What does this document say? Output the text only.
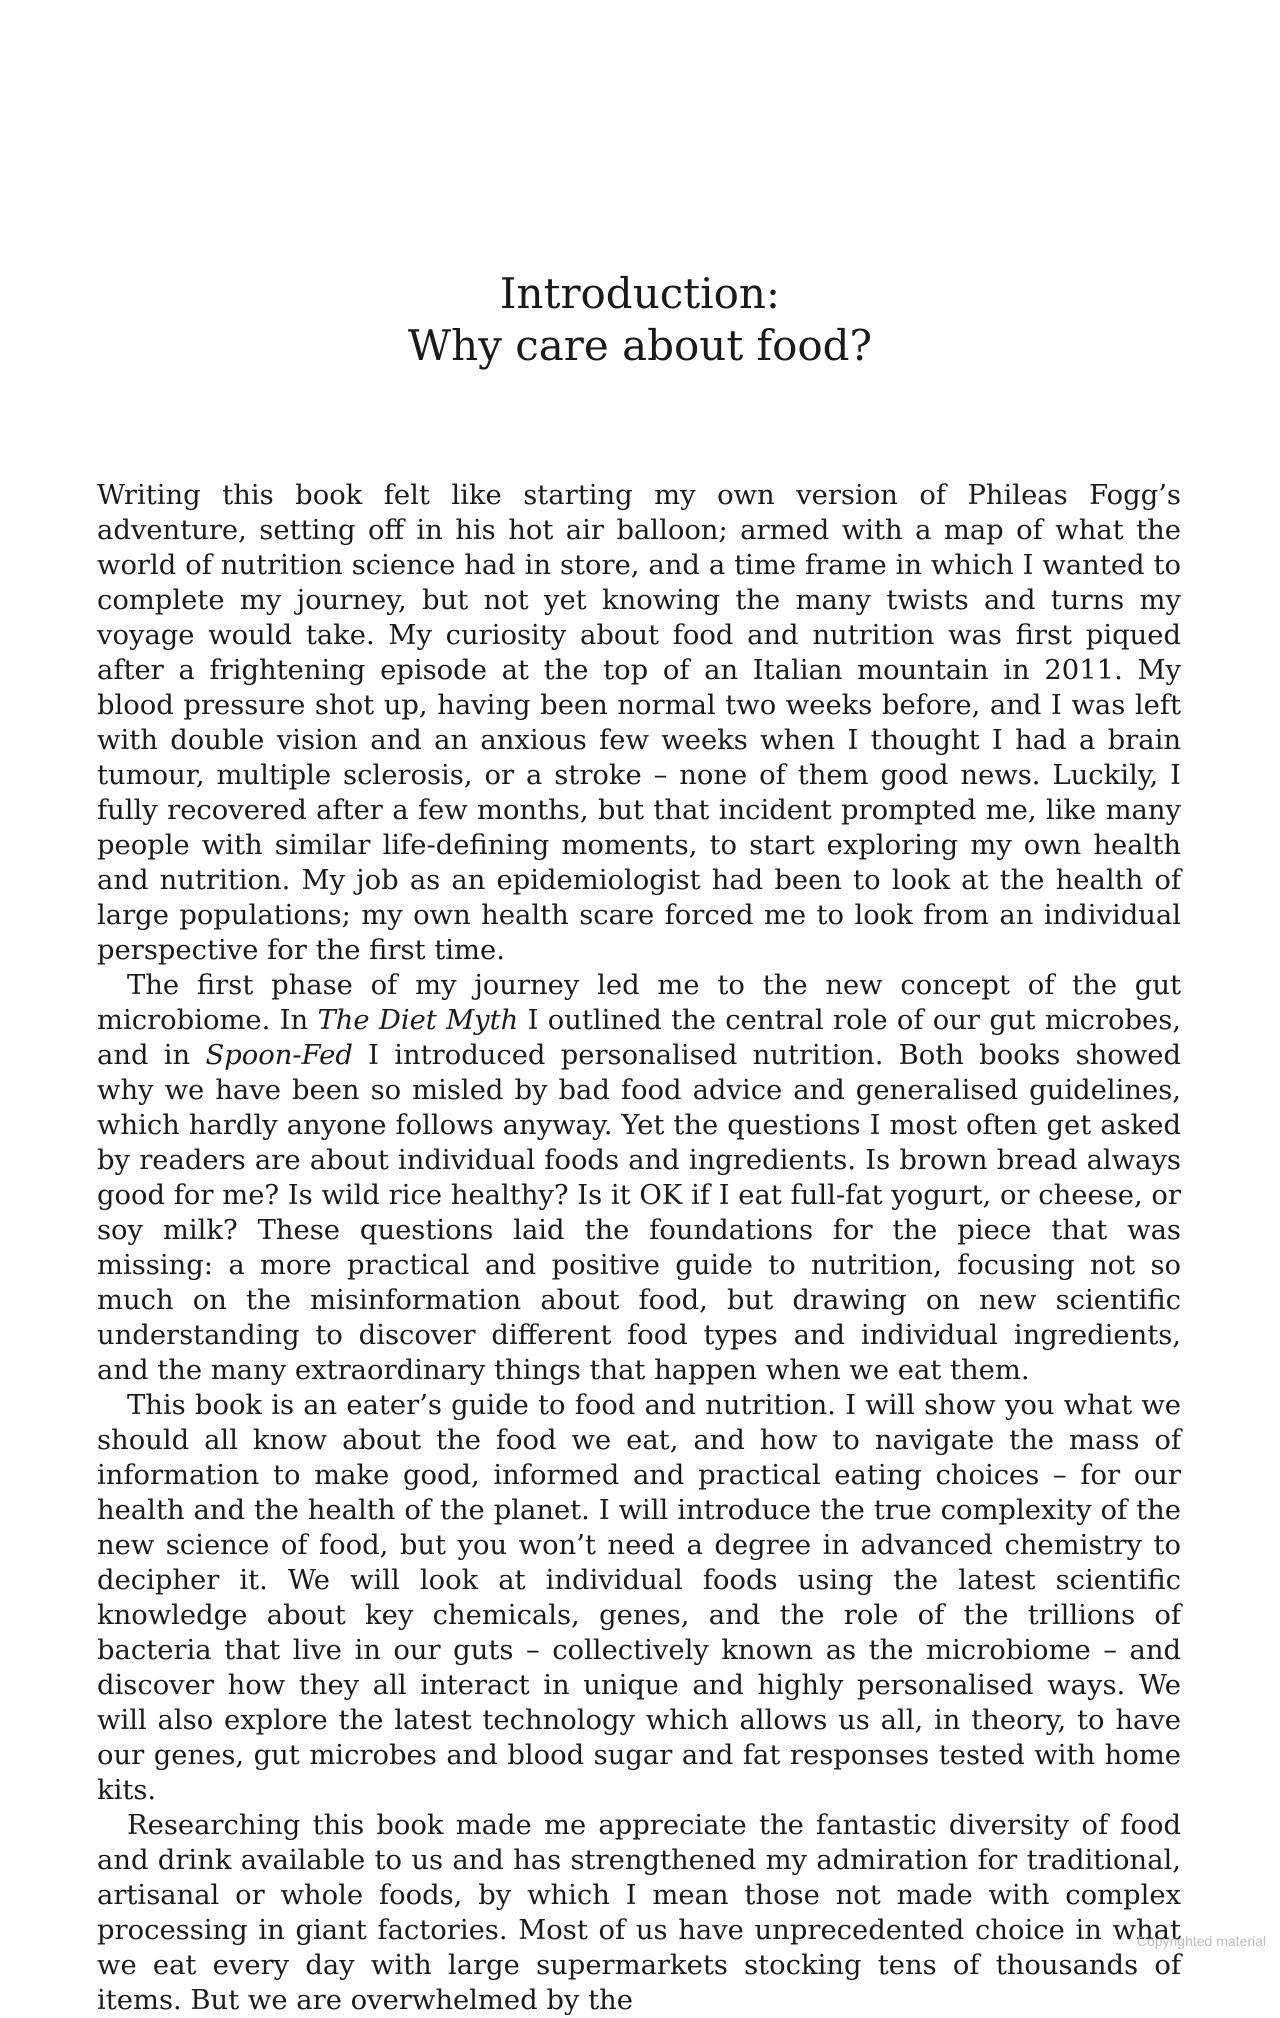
Introduction:
Why care about food?

Writing this book felt like starting my own version of Phileas Fogg’s adventure, setting off in his hot air balloon; armed with a map of what the world of nutrition science had in store, and a time frame in which I wanted to complete my journey, but not yet knowing the many twists and turns my voyage would take. My curiosity about food and nutrition was first piqued after a frightening episode at the top of an Italian mountain in 2011. My blood pressure shot up, having been normal two weeks before, and I was left with double vision and an anxious few weeks when I thought I had a brain tumour, multiple sclerosis, or a stroke – none of them good news. Luckily, I fully recovered after a few months, but that incident prompted me, like many people with similar life-defining moments, to start exploring my own health and nutrition. My job as an epidemiologist had been to look at the health of large populations; my own health scare forced me to look from an individual perspective for the first time.

The first phase of my journey led me to the new concept of the gut microbiome. In The Diet Myth I outlined the central role of our gut microbes, and in Spoon-Fed I introduced personalised nutrition. Both books showed why we have been so misled by bad food advice and generalised guidelines, which hardly anyone follows anyway. Yet the questions I most often get asked by readers are about individual foods and ingredients. Is brown bread always good for me? Is wild rice healthy? Is it OK if I eat full-fat yogurt, or cheese, or soy milk? These questions laid the foundations for the piece that was missing: a more practical and positive guide to nutrition, focusing not so much on the misinformation about food, but drawing on new scientific understanding to discover different food types and individual ingredients, and the many extraordinary things that happen when we eat them.

This book is an eater’s guide to food and nutrition. I will show you what we should all know about the food we eat, and how to navigate the mass of information to make good, informed and practical eating choices – for our health and the health of the planet. I will introduce the true complexity of the new science of food, but you won’t need a degree in advanced chemistry to decipher it. We will look at individual foods using the latest scientific knowledge about key chemicals, genes, and the role of the trillions of bacteria that live in our guts – collectively known as the microbiome – and discover how they all interact in unique and highly personalised ways. We will also explore the latest technology which allows us all, in theory, to have our genes, gut microbes and blood sugar and fat responses tested with home kits.

Researching this book made me appreciate the fantastic diversity of food and drink available to us and has strengthened my admiration for traditional, artisanal or whole foods, by which I mean those not made with complex processing in giant factories. Most of us have unprecedented choice in what we eat every day with large supermarkets stocking tens of thousands of items. But we are overwhelmed by the

Copyrighted material
